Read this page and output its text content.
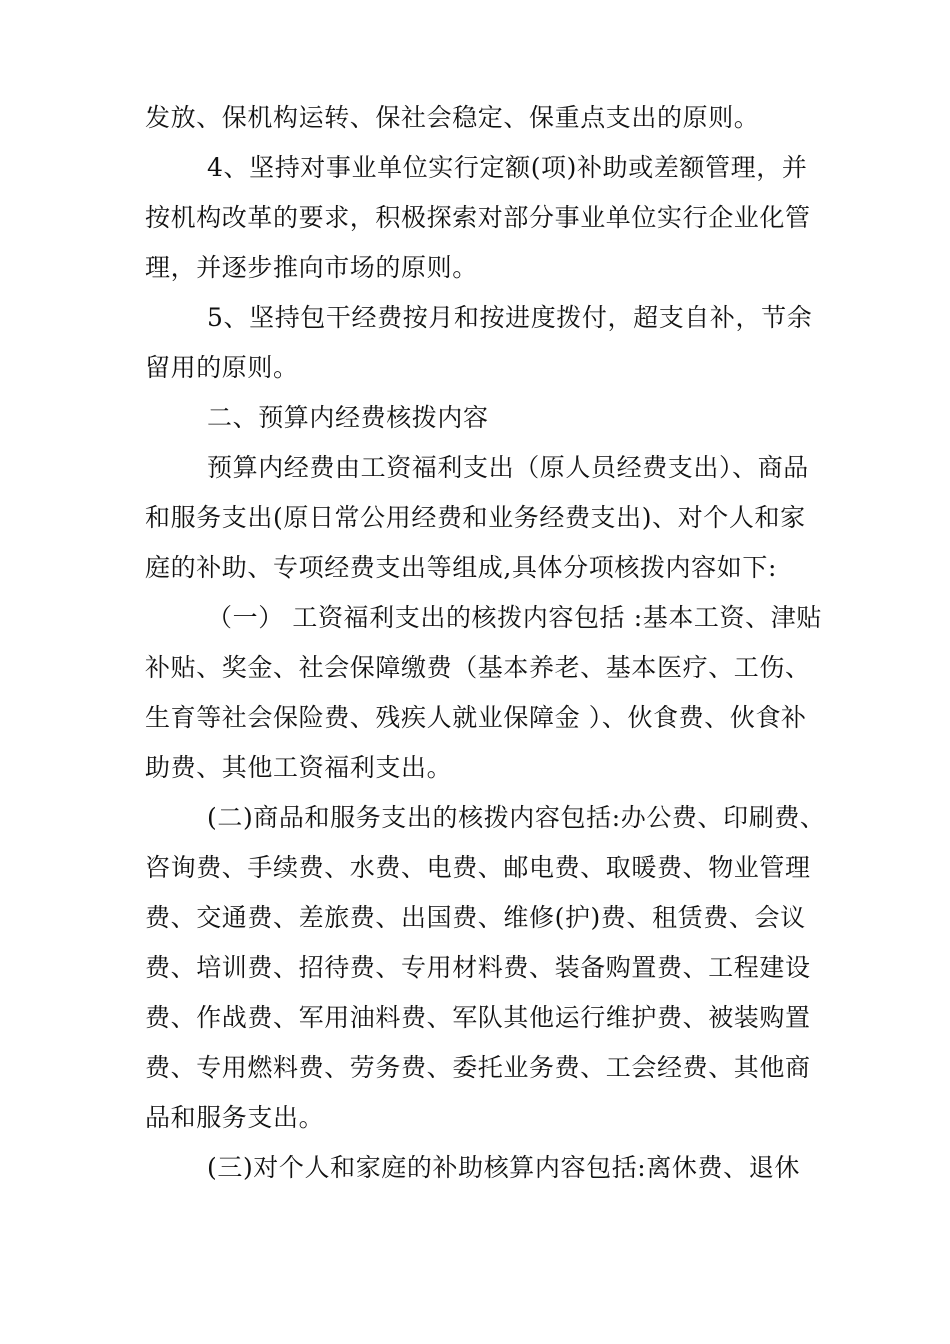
发放、保机构运转、保社会稳定、保重点支出的原则。
4、坚持对事业单位实行定额(项)补助或差额管理，并
按机构改革的要求，积极探索对部分事业单位实行企业化管
理，并逐步推向市场的原则。
5、坚持包干经费按月和按进度拨付，超支自补，节余
留用的原则。
二、预算内经费核拨内容
预算内经费由工资福利支出（原人员经费支出）、商品
和服务支出(原日常公用经费和业务经费支出)、对个人和家
庭的补助、专项经费支出等组成,具体分项核拨内容如下:
（一） 工资福利支出的核拨内容包括 :基本工资、津贴
补贴、奖金、社会保障缴费（基本养老、基本医疗、工伤、
生育等社会保险费、残疾人就业保障金 ）、伙食费、伙食补
助费、其他工资福利支出。
(二)商品和服务支出的核拨内容包括:办公费、印刷费、
咨询费、手续费、水费、电费、邮电费、取暖费、物业管理
费、交通费、差旅费、出国费、维修(护)费、租赁费、会议
费、培训费、招待费、专用材料费、装备购置费、工程建设
费、作战费、军用油料费、军队其他运行维护费、被装购置
费、专用燃料费、劳务费、委托业务费、工会经费、其他商
品和服务支出。
(三)对个人和家庭的补助核算内容包括:离休费、退休
